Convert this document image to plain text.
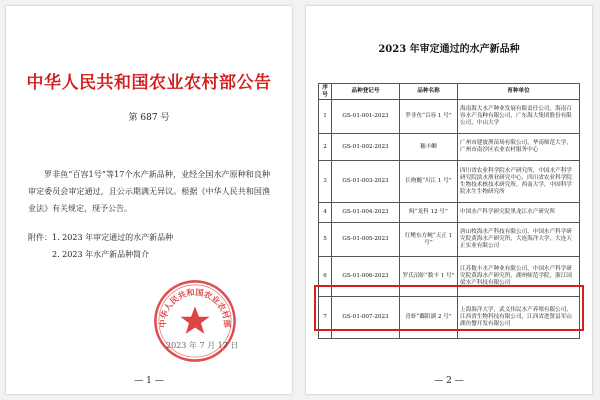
中华人民共和国农业农村部公告
第 687 号
罗非鱼“百容1号”等17个水产新品种，业经全国水产原种和良种审定委员会审定通过，且公示期满无异议。根据《中华人民共和国渔业法》有关规定，现予公告。
附件：1. 2023 年审定通过的水产新品种
2. 2023 年水产新品种简介
中华人民共和国农业农村部
2023 年 7 月 17 日
— 1 —
2023 年审定通过的水产新品种
序号	品种登记号	品种名称	育种单位
1	GS-01-001-2023	罗非鱼“百容 1 号”	海南海大水产种业发展有限责任公司，海南百容水产良种有限公司，广东海大集团股份有限公司，中山大学
2	GS-01-002-2023	穗丰鲫	广州市建波渔苗场有限公司，华南师范大学，广州市南沙区农业农村服务中心
3	GS-01-003-2023	长吻鮠“川江 1 号”	四川省农业科学院水产研究所，中国水产科学研究院淡水渔业研究中心，四川省农业科学院生物技术核技术研究所，西南大学，中国科学院水生生物研究所
4	GS-01-004-2023	鲟“龙科 12 号”	中国水产科学研究院黑龙江水产研究所
5	GS-01-005-2023	红鳍东方鲀“天正 1 号”	唐山牧海水产科技有限公司，中国水产科学研究院黄海水产研究所，大连海洋大学，大连天正实业有限公司
6	GS-01-006-2023	罗氏沼虾“数丰 1 号”	江苏数丰水产种业有限公司，中国水产科学研究院黄海水产研究所，湖州师范学院，浙江国梁水产科技有限公司
7	GS-01-007-2023	青虾“鄱阳湖 2 号”	上海海洋大学，武义伟民水产养殖有限公司，江西省生物科技有限公司，江西省进贤县军山湖鱼蟹开发有限公司
— 2 —
